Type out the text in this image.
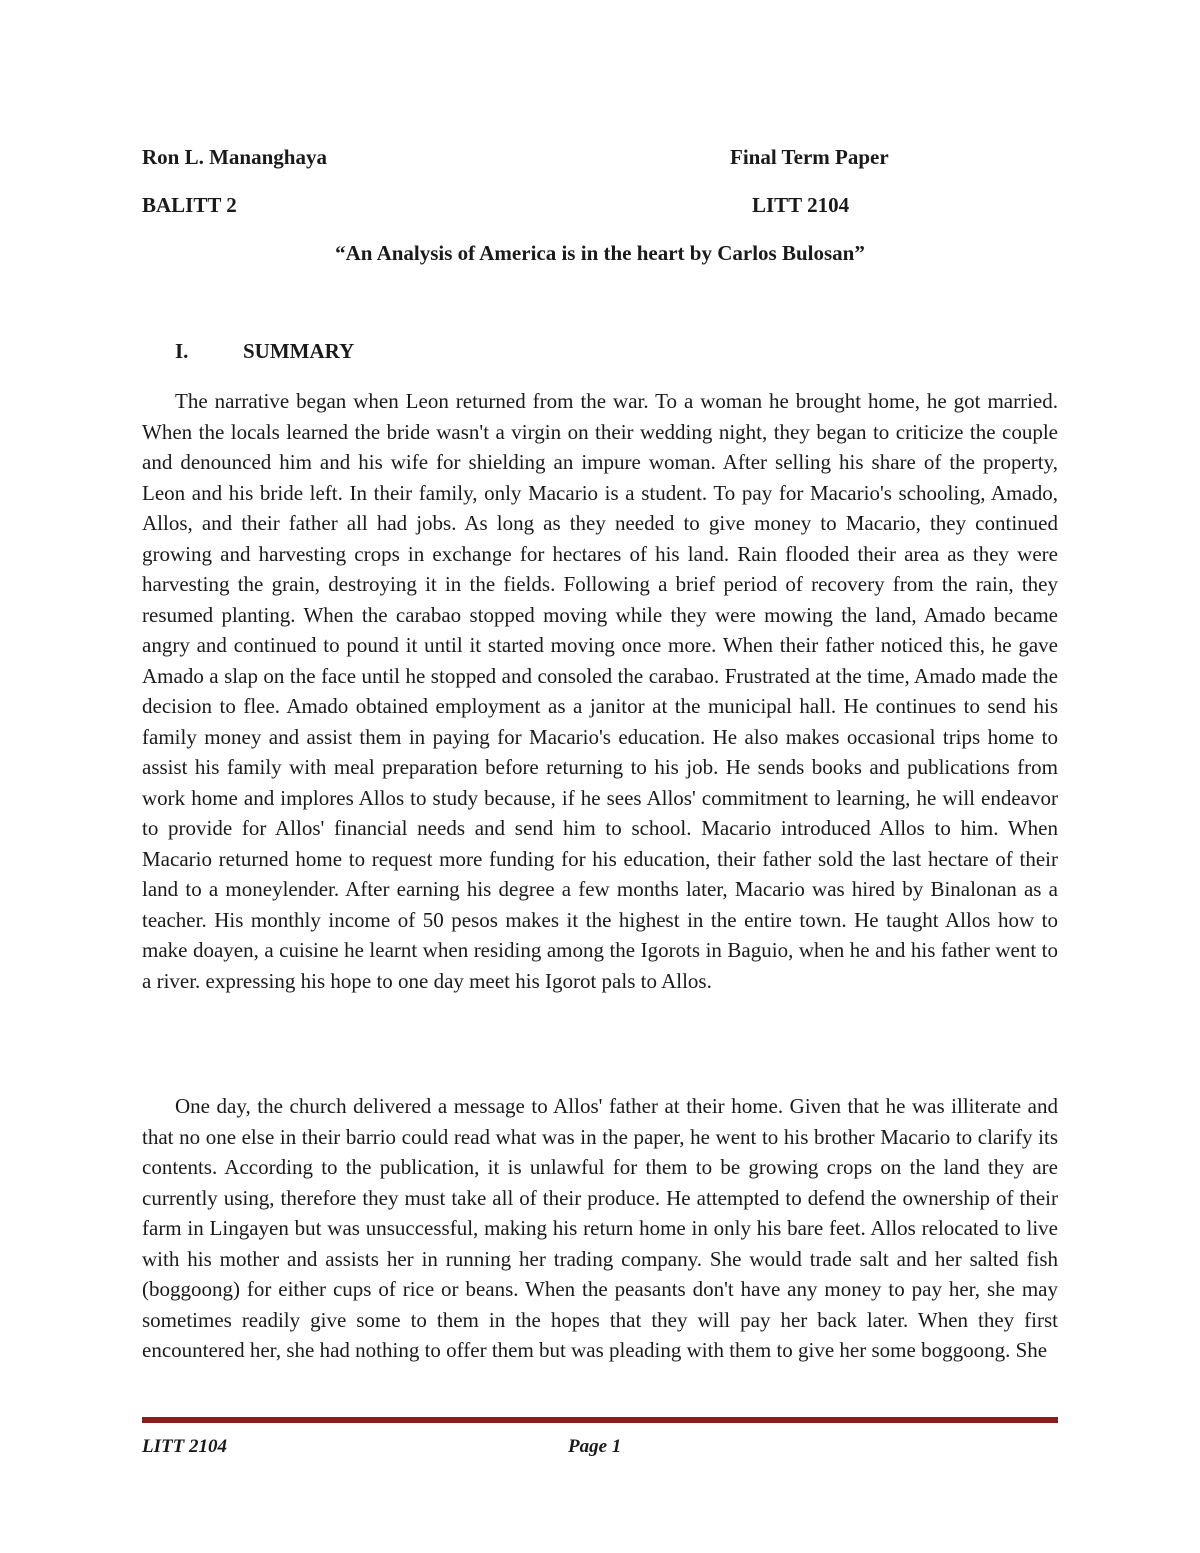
Ron L. Mananghaya	Final Term Paper
BALITT 2	LITT 2104
“An Analysis of America is in the heart by Carlos Bulosan”
I.	SUMMARY

The narrative began when Leon returned from the war. To a woman he brought home, he got married. When the locals learned the bride wasn't a virgin on their wedding night, they began to criticize the couple and denounced him and his wife for shielding an impure woman. After selling his share of the property, Leon and his bride left. In their family, only Macario is a student. To pay for Macario's schooling, Amado, Allos, and their father all had jobs. As long as they needed to give money to Macario, they continued growing and harvesting crops in exchange for hectares of his land. Rain flooded their area as they were harvesting the grain, destroying it in the fields. Following a brief period of recovery from the rain, they resumed planting. When the carabao stopped moving while they were mowing the land, Amado became angry and continued to pound it until it started moving once more. When their father noticed this, he gave Amado a slap on the face until he stopped and consoled the carabao. Frustrated at the time, Amado made the decision to flee. Amado obtained employment as a janitor at the municipal hall. He continues to send his family money and assist them in paying for Macario's education. He also makes occasional trips home to assist his family with meal preparation before returning to his job. He sends books and publications from work home and implores Allos to study because, if he sees Allos' commitment to learning, he will endeavor to provide for Allos' financial needs and send him to school. Macario introduced Allos to him. When Macario returned home to request more funding for his education, their father sold the last hectare of their land to a moneylender. After earning his degree a few months later, Macario was hired by Binalonan as a teacher. His monthly income of 50 pesos makes it the highest in the entire town. He taught Allos how to make doayen, a cuisine he learnt when residing among the Igorots in Baguio, when he and his father went to a river. expressing his hope to one day meet his Igorot pals to Allos.

One day, the church delivered a message to Allos' father at their home. Given that he was illiterate and that no one else in their barrio could read what was in the paper, he went to his brother Macario to clarify its contents. According to the publication, it is unlawful for them to be growing crops on the land they are currently using, therefore they must take all of their produce. He attempted to defend the ownership of their farm in Lingayen but was unsuccessful, making his return home in only his bare feet. Allos relocated to live with his mother and assists her in running her trading company. She would trade salt and her salted fish (boggoong) for either cups of rice or beans. When the peasants don't have any money to pay her, she may sometimes readily give some to them in the hopes that they will pay her back later. When they first encountered her, she had nothing to offer them but was pleading with them to give her some boggoong. She

LITT 2104	Page 1
